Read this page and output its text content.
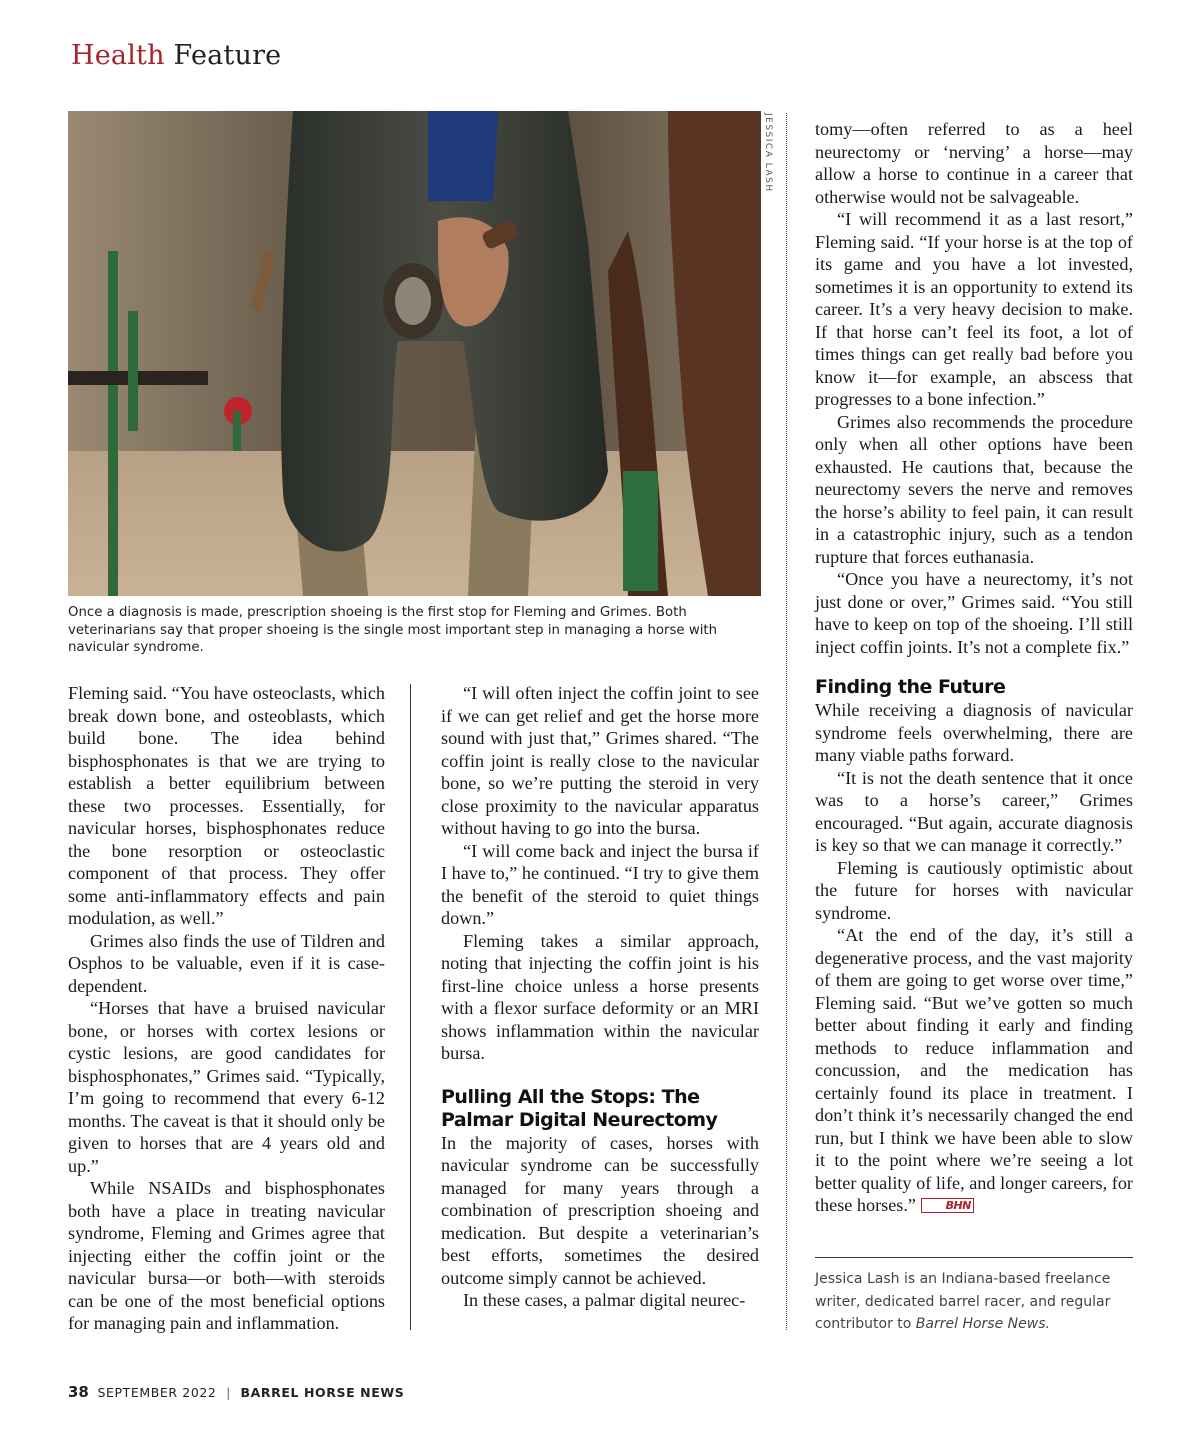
Health Feature
JESSICA LASH
Once a diagnosis is made, prescription shoeing is the first stop for Fleming and Grimes. Both veterinarians say that proper shoeing is the single most important step in managing a horse with navicular syndrome.

Fleming said. “You have osteoclasts, which break down bone, and osteoblasts, which build bone. The idea behind bisphosphonates is that we are trying to establish a better equilibrium between these two processes. Essentially, for navicular horses, bisphosphonates reduce the bone resorption or osteoclastic component of that process. They offer some anti-inflammatory effects and pain modulation, as well.”

Grimes also finds the use of Tildren and Osphos to be valuable, even if it is case-dependent.

“Horses that have a bruised navicular bone, or horses with cortex lesions or cystic lesions, are good candidates for bisphosphonates,” Grimes said. “Typically, I’m going to recommend that every 6-12 months. The caveat is that it should only be given to horses that are 4 years old and up.”

While NSAIDs and bisphosphonates both have a place in treating navicular syndrome, Fleming and Grimes agree that injecting either the coffin joint or the navicular bursa—or both—with steroids can be one of the most beneficial options for managing pain and inflammation.

“I will often inject the coffin joint to see if we can get relief and get the horse more sound with just that,” Grimes shared. “The coffin joint is really close to the navicular bone, so we’re putting the steroid in very close proximity to the navicular apparatus without having to go into the bursa.

“I will come back and inject the bursa if I have to,” he continued. “I try to give them the benefit of the steroid to quiet things down.”

Fleming takes a similar approach, noting that injecting the coffin joint is his first-line choice unless a horse presents with a flexor surface deformity or an MRI shows inflammation within the navicular bursa.

Pulling All the Stops: The Palmar Digital Neurectomy

In the majority of cases, horses with navicular syndrome can be successfully managed for many years through a combination of prescription shoeing and medication. But despite a veterinarian’s best efforts, sometimes the desired outcome simply cannot be achieved.

In these cases, a palmar digital neurec-

tomy—often referred to as a heel neurectomy or ‘nerving’ a horse—may allow a horse to continue in a career that otherwise would not be salvageable.

“I will recommend it as a last resort,” Fleming said. “If your horse is at the top of its game and you have a lot invested, sometimes it is an opportunity to extend its career. It’s a very heavy decision to make. If that horse can’t feel its foot, a lot of times things can get really bad before you know it—for example, an abscess that progresses to a bone infection.”

Grimes also recommends the procedure only when all other options have been exhausted. He cautions that, because the neurectomy severs the nerve and removes the horse’s ability to feel pain, it can result in a catastrophic injury, such as a tendon rupture that forces euthanasia.

“Once you have a neurectomy, it’s not just done or over,” Grimes said. “You still have to keep on top of the shoeing. I’ll still inject coffin joints. It’s not a complete fix.”

Finding the Future

While receiving a diagnosis of navicular syndrome feels overwhelming, there are many viable paths forward.

“It is not the death sentence that it once was to a horse’s career,” Grimes encouraged. “But again, accurate diagnosis is key so that we can manage it correctly.”

Fleming is cautiously optimistic about the future for horses with navicular syndrome.

“At the end of the day, it’s still a degenerative process, and the vast majority of them are going to get worse over time,” Fleming said. “But we’ve gotten so much better about finding it early and finding methods to reduce inflammation and concussion, and the medication has certainly found its place in treatment. I don’t think it’s necessarily changed the end run, but I think we have been able to slow it to the point where we’re seeing a lot better quality of life, and longer careers, for these horses.”	BHN

Jessica Lash is an Indiana-based freelance writer, dedicated barrel racer, and regular contributor to Barrel Horse News.
38 SEPTEMBER 2022 | BARREL HORSE NEWS
